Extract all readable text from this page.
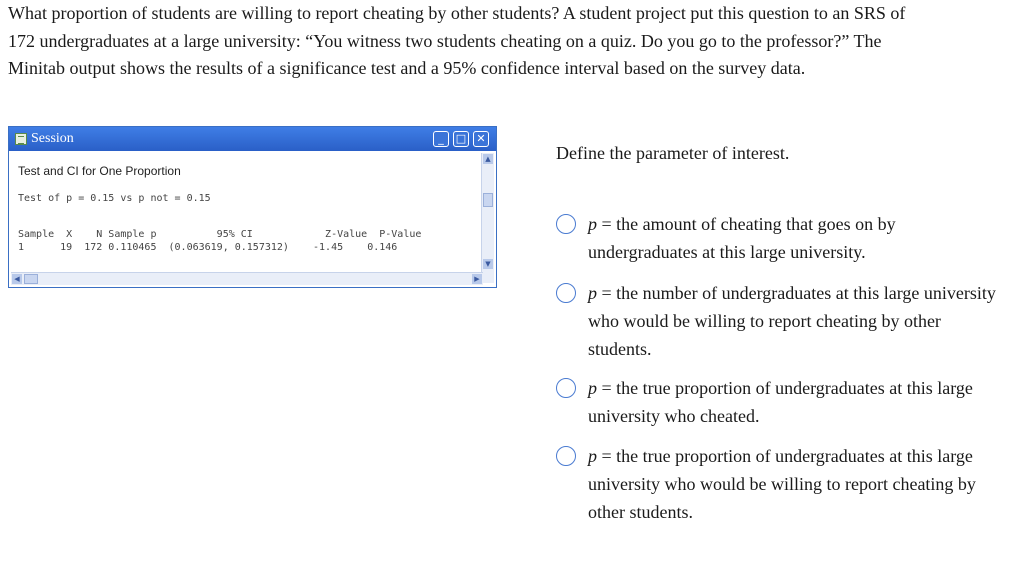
What proportion of students are willing to report cheating by other students? A student project put this question to an SRS of
172 undergraduates at a large university: “You witness two students cheating on a quiz. Do you go to the professor?” The
Minitab output shows the results of a significance test and a 95% confidence interval based on the survey data.
Session	_	□ ✕
Test and CI for One Proportion
Test of p = 0.15 vs p not = 0.15
Sample  X    N Sample p          95% CI            Z-Value  P-Value
1      19  172 0.110465  (0.063619, 0.157312)    -1.45    0.146
▲
▼
◀	▶
Define the parameter of interest.
p = the amount of cheating that goes on by undergraduates at this large university.
p = the number of undergraduates at this large university who would be willing to report cheating by other students.
p = the true proportion of undergraduates at this large university who cheated.
p = the true proportion of undergraduates at this large university who would be willing to report cheating by other students.
